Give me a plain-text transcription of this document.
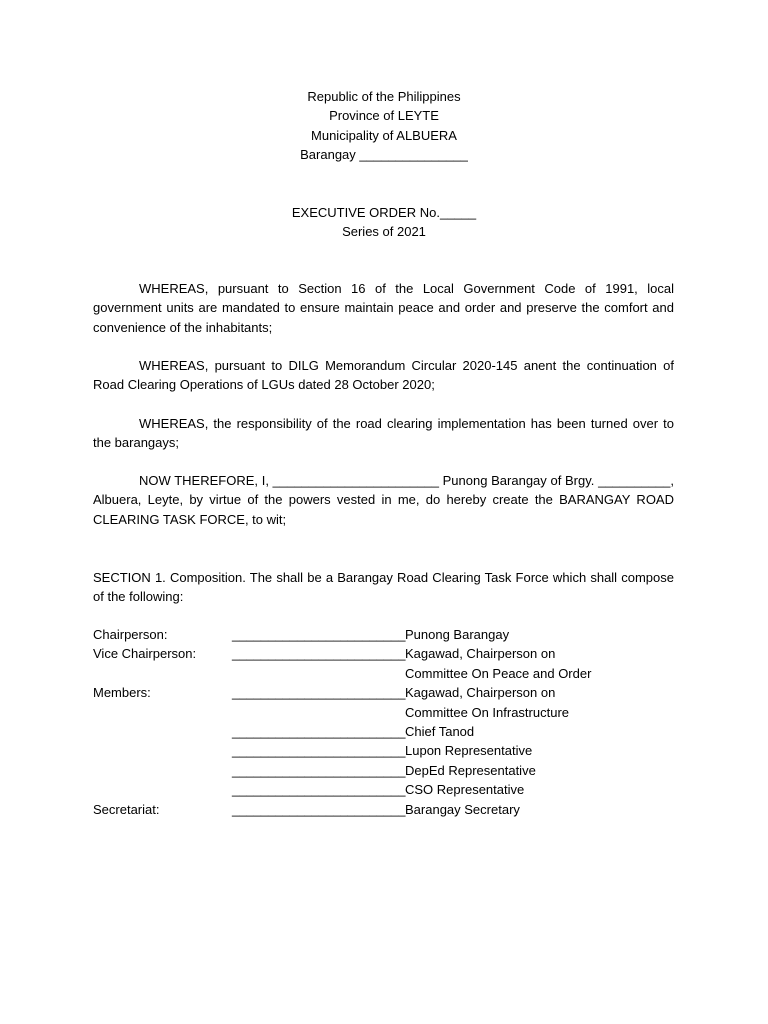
Republic of the Philippines
Province of LEYTE
Municipality of ALBUERA
Barangay _______________
EXECUTIVE ORDER No._____
Series of 2021

WHEREAS, pursuant to Section 16 of the Local Government Code of 1991, local government units are mandated to ensure maintain peace and order and preserve the comfort and convenience of the inhabitants;

WHEREAS, pursuant to DILG Memorandum Circular 2020-145 anent the continuation of Road Clearing Operations of LGUs dated 28 October 2020;

WHEREAS, the responsibility of the road clearing implementation has been turned over to the barangays;

NOW THEREFORE, I, _______________________ Punong Barangay of Brgy. __________, Albuera, Leyte, by virtue of the powers vested in me, do hereby create the BARANGAY ROAD CLEARING TASK FORCE, to wit;

SECTION 1. Composition. The shall be a Barangay Road Clearing Task Force which shall compose of the following:

Chairperson:	________________________ Punong Barangay
Vice Chairperson:	________________________ Kagawad, Chairperson on
Committee On Peace and Order
Members:	________________________ Kagawad, Chairperson on
Committee On Infrastructure
________________________ Chief Tanod
________________________ Lupon Representative
________________________ DepEd Representative
________________________ CSO Representative
Secretariat:	________________________ Barangay Secretary
